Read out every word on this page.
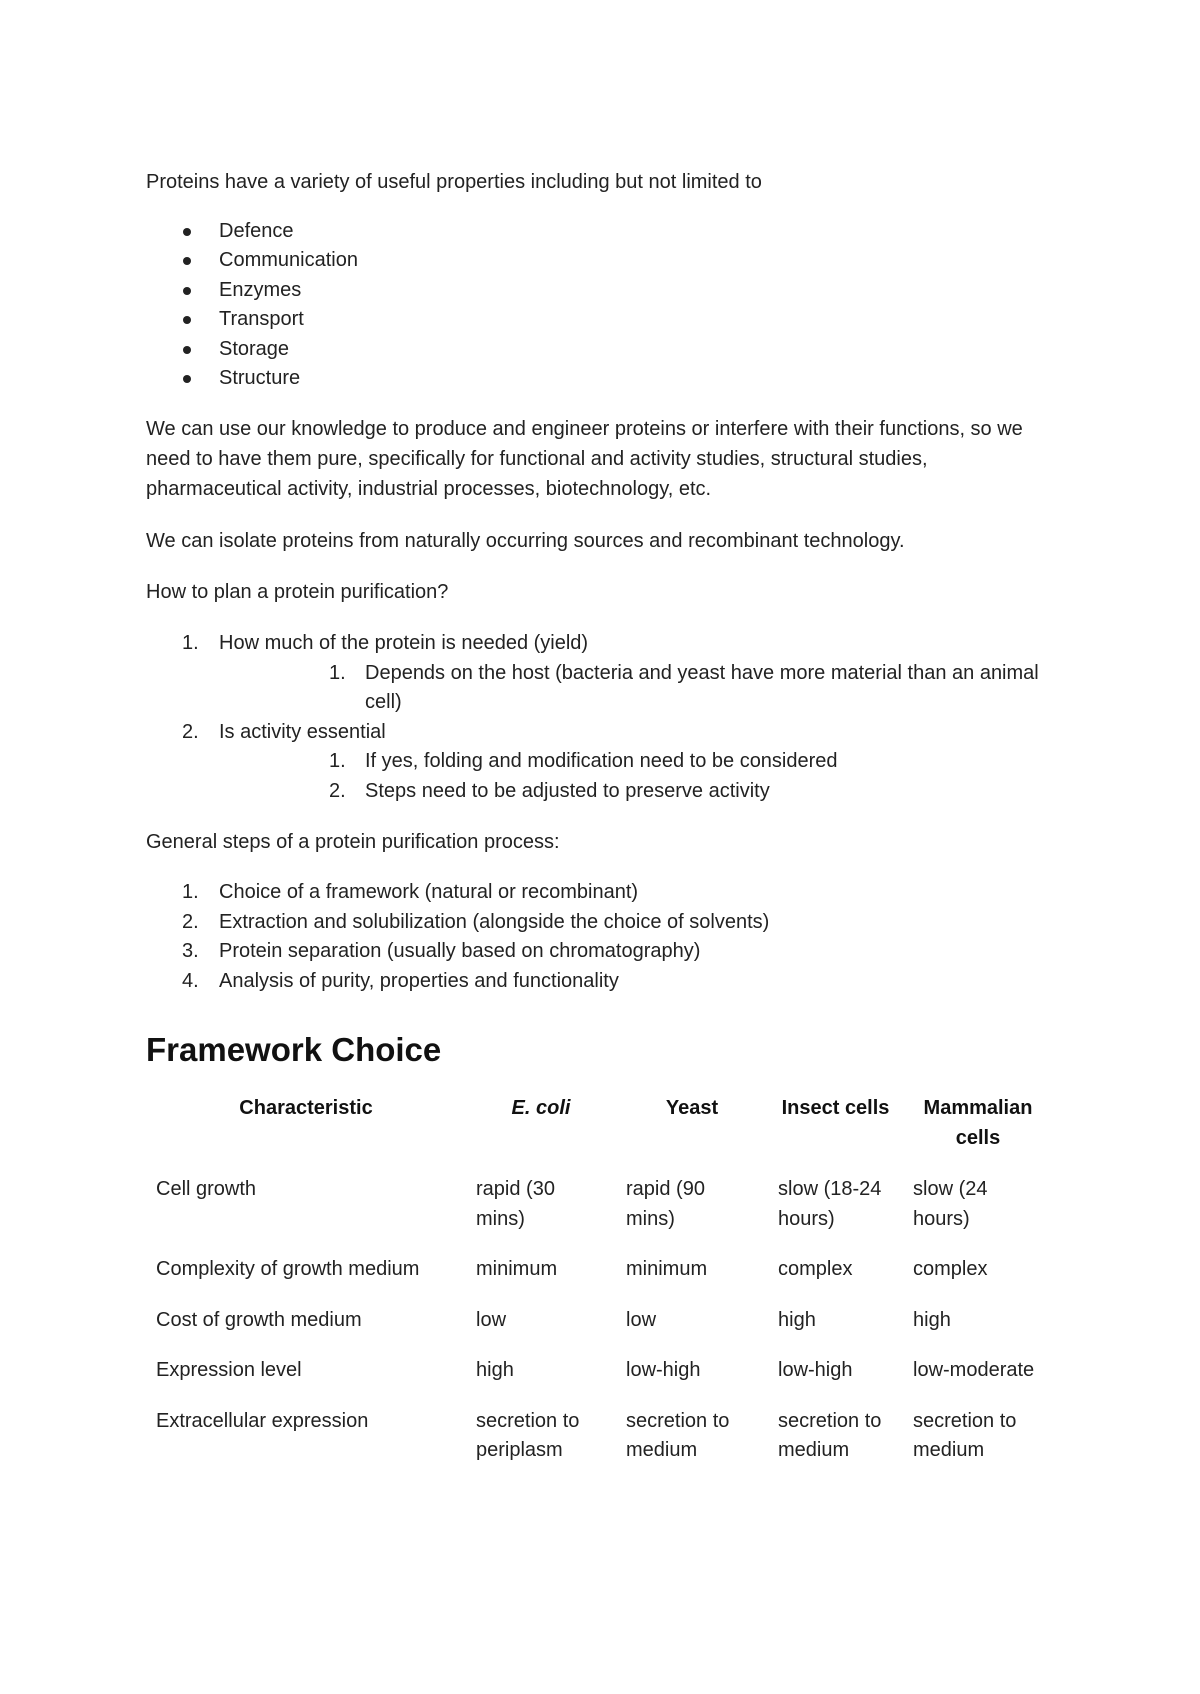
Proteins have a variety of useful properties including but not limited to

Defence
Communication
Enzymes
Transport
Storage
Structure

We can use our knowledge to produce and engineer proteins or interfere with their functions, so we need to have them pure, specifically for functional and activity studies, structural studies, pharmaceutical activity, industrial processes, biotechnology, etc.

We can isolate proteins from naturally occurring sources and recombinant technology.

How to plan a protein purification?

1. How much of the protein is needed (yield)
1. Depends on the host (bacteria and yeast have more material than an animal cell)
2. Is activity essential
1. If yes, folding and modification need to be considered
2. Steps need to be adjusted to preserve activity

General steps of a protein purification process:

1. Choice of a framework (natural or recombinant)
2. Extraction and solubilization (alongside the choice of solvents)
3. Protein separation (usually based on chromatography)
4. Analysis of purity, properties and functionality
Framework Choice
Characteristic	E. coli	Yeast	Insect cells	Mammalian cells
Cell growth	rapid (30 mins)	rapid (90 mins)	slow (18-24 hours)	slow (24 hours)
Complexity of growth medium	minimum	minimum	complex	complex
Cost of growth medium	low	low	high	high
Expression level	high	low-high	low-high	low-moderate
Extracellular expression	secretion to periplasm	secretion to medium	secretion to medium	secretion to medium
